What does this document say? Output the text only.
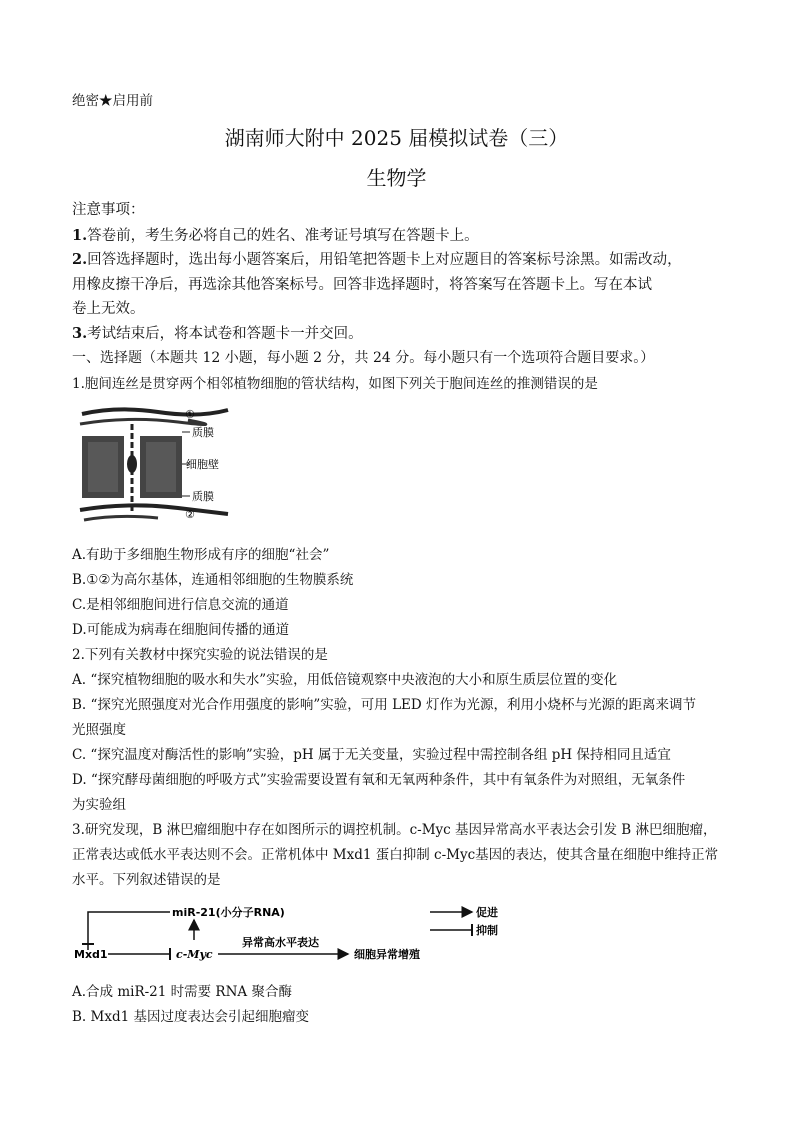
绝密★启用前
湖南师大附中 2025 届模拟试卷（三）
生物学
注意事项：
1.答卷前，考生务必将自己的姓名、准考证号填写在答题卡上。
2.回答选择题时，选出每小题答案后，用铅笔把答题卡上对应题目的答案标号涂黑。如需改动，
用橡皮擦干净后，再选涂其他答案标号。回答非选择题时，将答案写在答题卡上。写在本试
卷上无效。
3.考试结束后，将本试卷和答题卡一并交回。
一、选择题（本题共 12 小题，每小题 2 分，共 24 分。每小题只有一个选项符合题目要求。）
1.胞间连丝是贯穿两个相邻植物细胞的管状结构，如图下列关于胞间连丝的推测错误的是
①
质膜
细胞壁
质膜
②
A.有助于多细胞生物形成有序的细胞“社会”
B.①②为高尔基体，连通相邻细胞的生物膜系统
C.是相邻细胞间进行信息交流的通道
D.可能成为病毒在细胞间传播的通道
2.下列有关教材中探究实验的说法错误的是
A. “探究植物细胞的吸水和失水”实验，用低倍镜观察中央液泡的大小和原生质层位置的变化
B. “探究光照强度对光合作用强度的影响”实验，可用 LED 灯作为光源，利用小烧杯与光源的距离来调节
光照强度
C. “探究温度对酶活性的影响”实验，pH 属于无关变量，实验过程中需控制各组 pH 保持相同且适宜
D. “探究酵母菌细胞的呼吸方式”实验需要设置有氧和无氧两种条件，其中有氧条件为对照组，无氧条件
为实验组
3.研究发现，B 淋巴瘤细胞中存在如图所示的调控机制。c-Myc 基因异常高水平表达会引发 B 淋巴细胞瘤，
正常表达或低水平表达则不会。正常机体中 Mxd1 蛋白抑制 c-Myc基因的表达，使其含量在细胞中维持正常
水平。下列叙述错误的是
miR-21(小分子RNA)
Mxd1	c-Myc
异常高水平表达
细胞异常增殖
促进
抑制
A.合成 miR-21 时需要 RNA 聚合酶
B. Mxd1 基因过度表达会引起细胞瘤变
